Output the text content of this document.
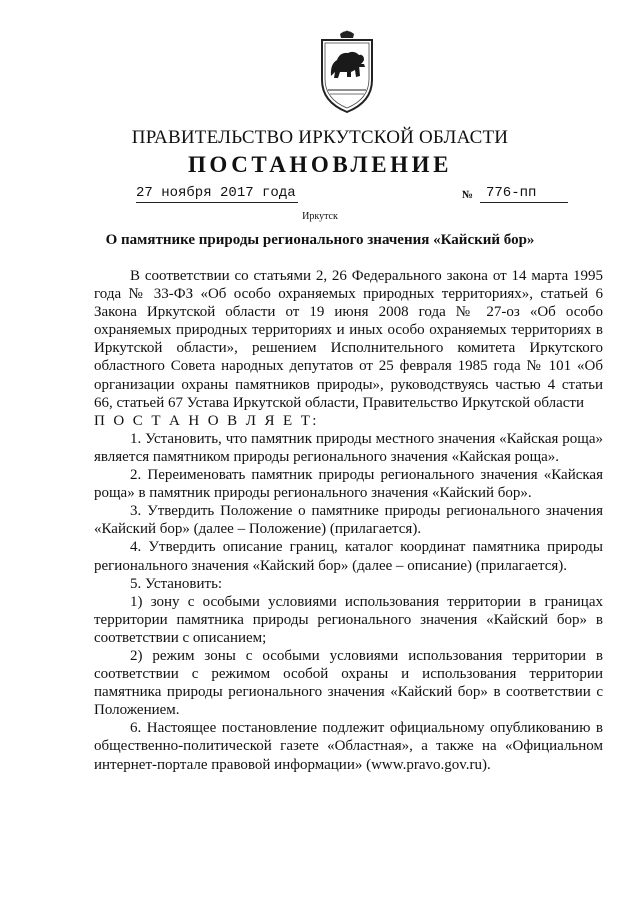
ПРАВИТЕЛЬСТВО ИРКУТСКОЙ ОБЛАСТИ
ПОСТАНОВЛЕНИЕ
27 ноября 2017 года	№ 776-пп
Иркутск
О памятнике природы регионального значения «Кайский бор»

В соответствии со статьями 2, 26 Федерального закона от 14 марта 1995 года № 33-ФЗ «Об особо охраняемых природных территориях», статьей 6 Закона Иркутской области от 19 июня 2008 года № 27-оз «Об особо охраняемых природных территориях и иных особо охраняемых территориях в Иркутской области», решением Исполнительного комитета Иркутского областного Совета народных депутатов от 25 февраля 1985 года № 101 «Об организации охраны памятников природы», руководствуясь частью 4 статьи 66, статьей 67 Устава Иркутской области, Правительство Иркутской области

П О С Т А Н О В Л Я Е Т:

1. Установить, что памятник природы местного значения «Кайская роща» является памятником природы регионального значения «Кайская роща».

2. Переименовать памятник природы регионального значения «Кайская роща» в памятник природы регионального значения «Кайский бор».

3. Утвердить Положение о памятнике природы регионального значения «Кайский бор» (далее – Положение) (прилагается).

4. Утвердить описание границ, каталог координат памятника природы регионального значения «Кайский бор» (далее – описание) (прилагается).

5. Установить:

1) зону с особыми условиями использования территории в границах территории памятника природы регионального значения «Кайский бор» в соответствии с описанием;

2) режим зоны с особыми условиями использования территории в соответствии с режимом особой охраны и использования территории памятника природы регионального значения «Кайский бор» в соответствии с Положением.

6. Настоящее постановление подлежит официальному опубликованию в общественно-политической газете «Областная», а также на «Официальном интернет-портале правовой информации» (www.pravo.gov.ru).
